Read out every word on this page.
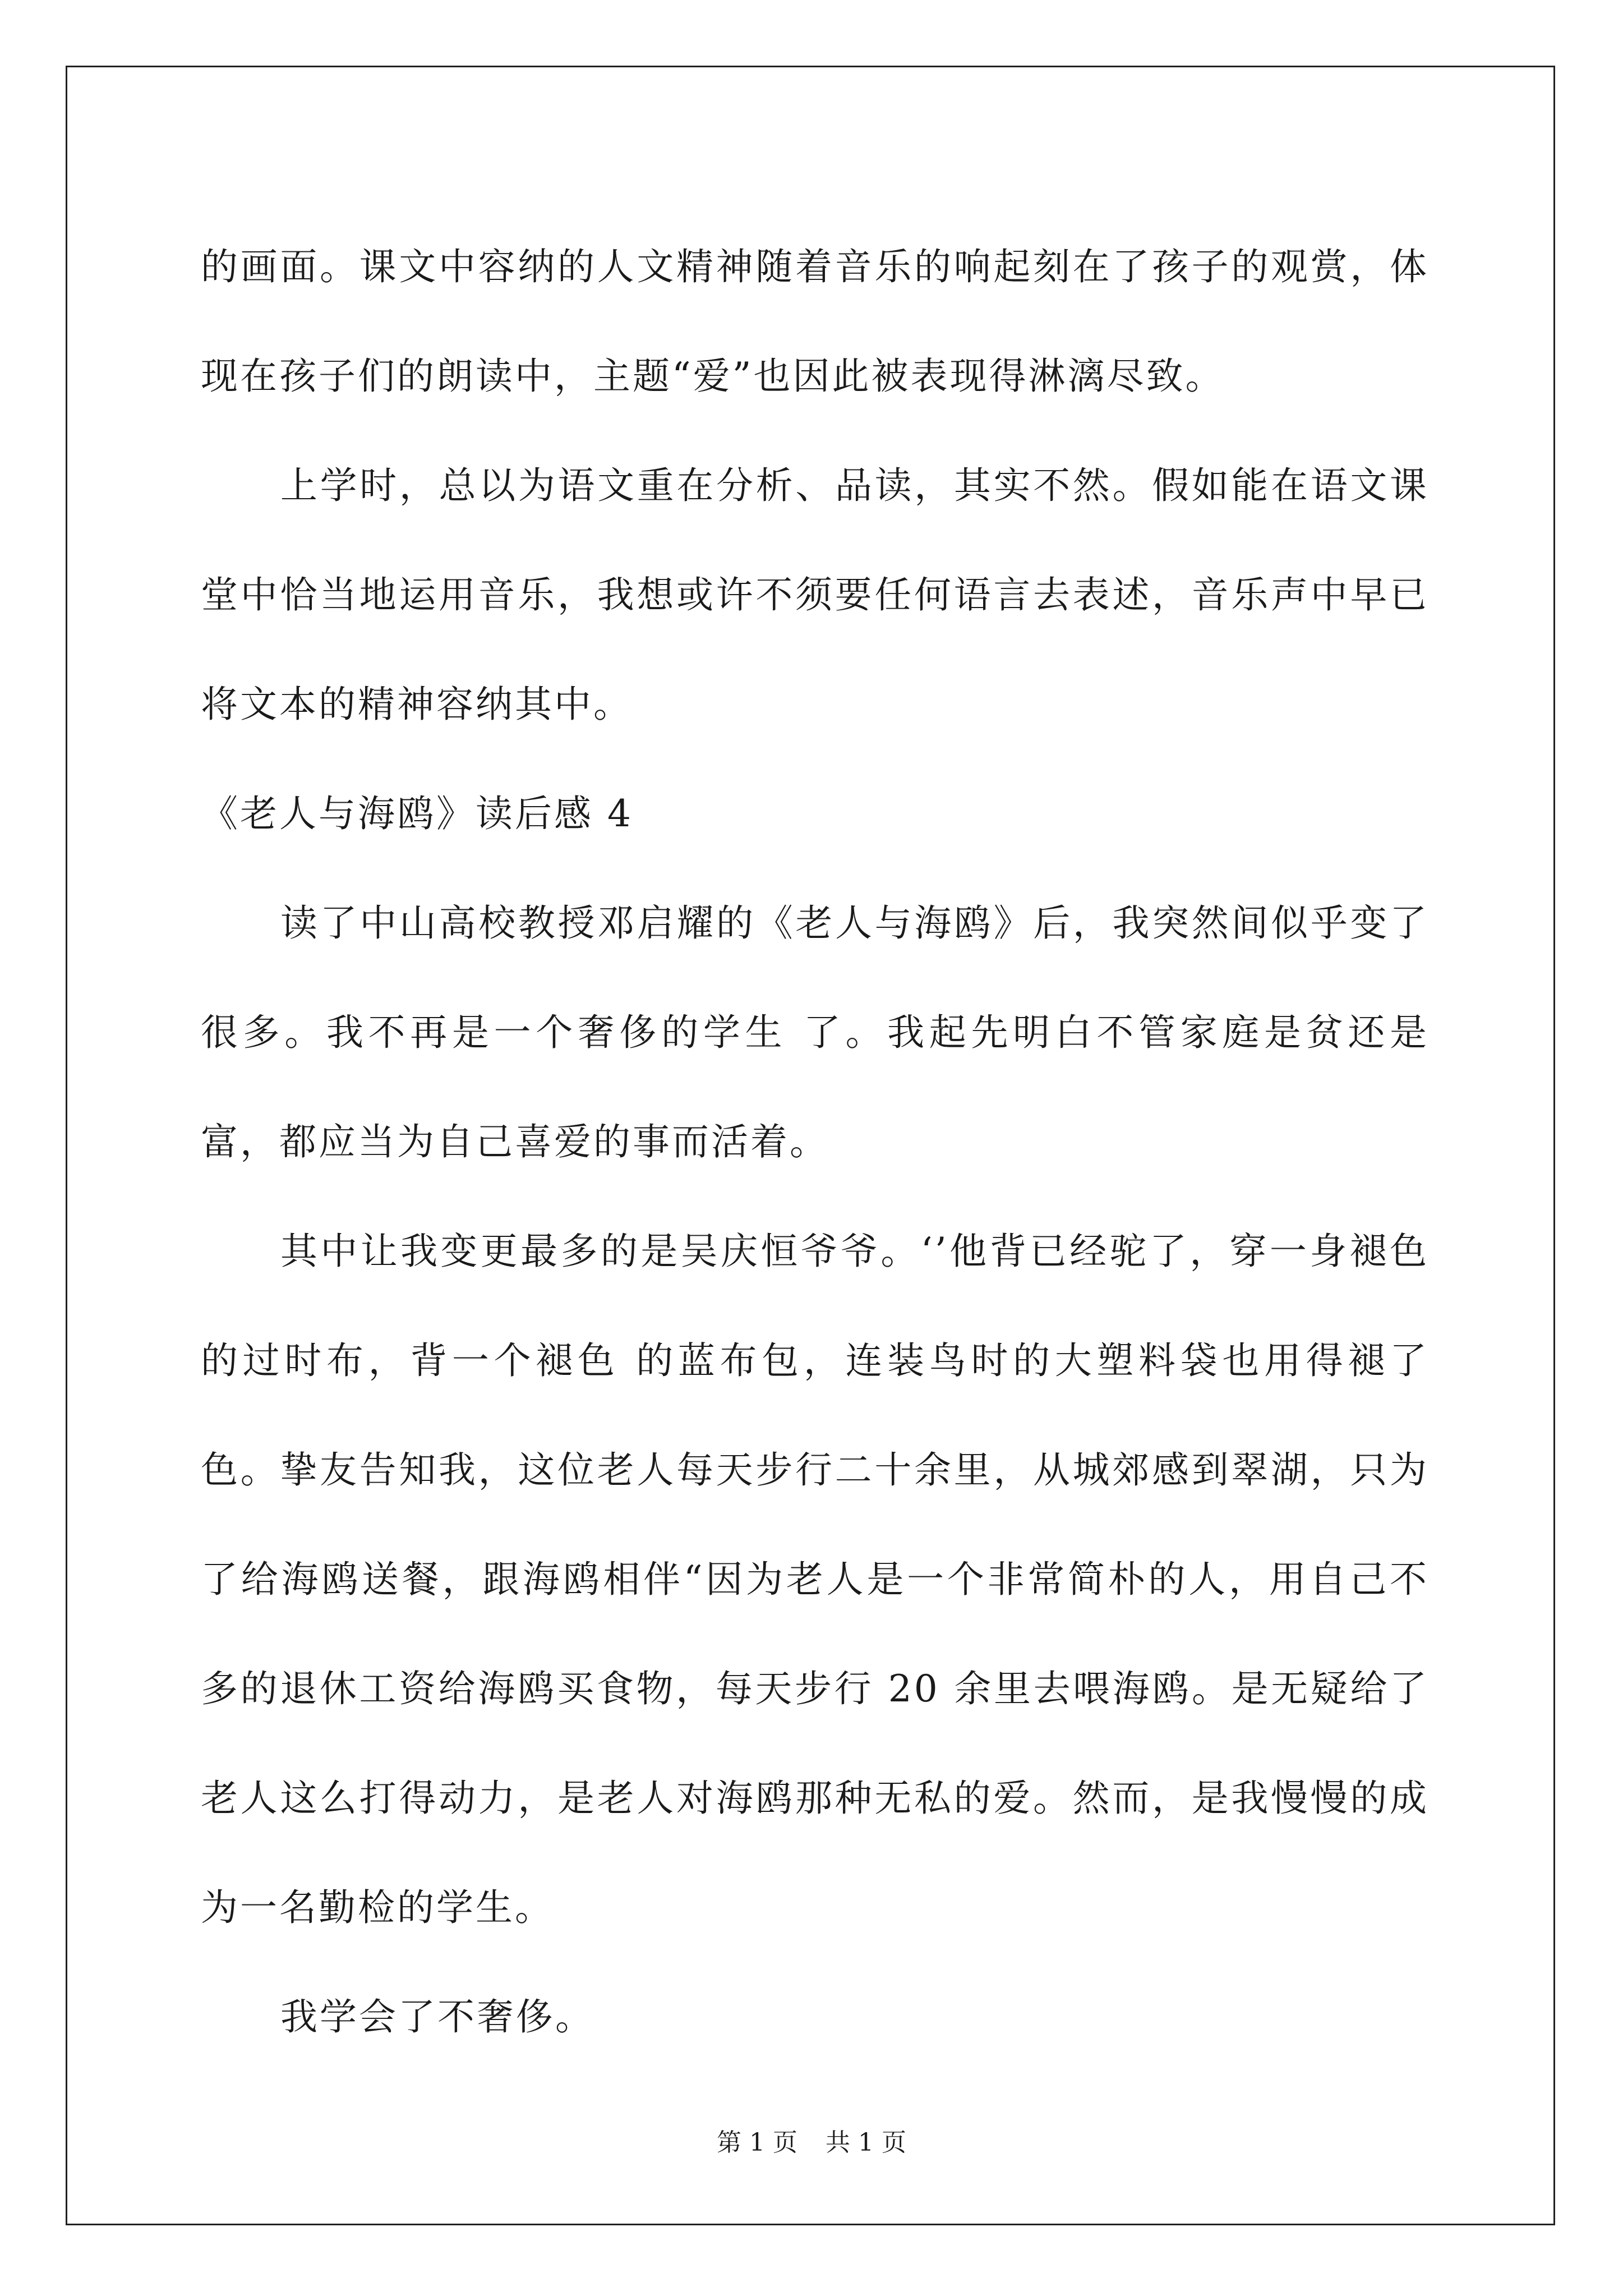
的画面。课文中容纳的人文精神随着音乐的响起刻在了孩子的观赏，体现在孩子们的朗读中，主题“爱”也因此被表现得淋漓尽致。

上学时，总以为语文重在分析、品读，其实不然。假如能在语文课堂中恰当地运用音乐，我想或许不须要任何语言去表述，音乐声中早已将文本的精神容纳其中。

《老人与海鸥》读后感 4

读了中山高校教授邓启耀的《老人与海鸥》后，我突然间似乎变了很多。我不再是一个奢侈的学生 了。我起先明白不管家庭是贫还是富，都应当为自己喜爱的事而活着。

其中让我变更最多的是吴庆恒爷爷。‘’他背已经驼了，穿一身褪色的过时布，背一个褪色 的蓝布包，连装鸟时的大塑料袋也用得褪了色。挚友告知我，这位老人每天步行二十余里，从城郊感到翠湖，只为了给海鸥送餐，跟海鸥相伴“因为老人是一个非常简朴的人，用自己不多的退休工资给海鸥买食物，每天步行 20 余里去喂海鸥。是无疑给了老人这么打得动力，是老人对海鸥那种无私的爱。然而，是我慢慢的成为一名勤检的学生。

我学会了不奢侈。

第 1 页 共 1 页
